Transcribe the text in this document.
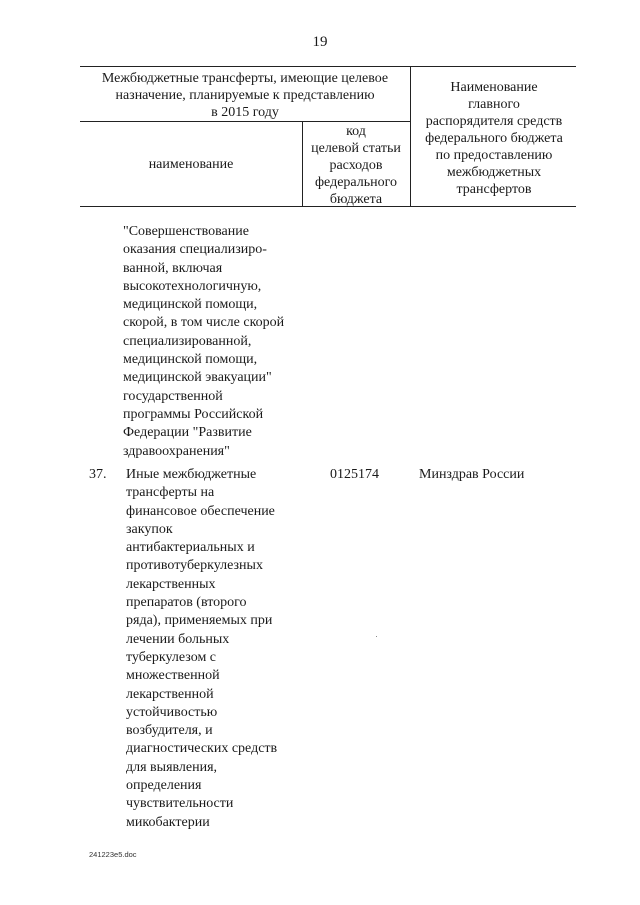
19
Межбюджетные трансферты, имеющие целевое
назначение, планируемые к представлению
в 2015 году
наименование
код
целевой статьи
расходов
федерального
бюджета
Наименование
главного
распорядителя средств
федерального бюджета
по предоставлению
межбюджетных
трансфертов
"Совершенствование
оказания специализиро-
ванной, включая
высокотехнологичную,
медицинской помощи,
скорой, в том числе скорой
специализированной,
медицинской помощи,
медицинской эвакуации"
государственной
программы Российской
Федерации "Развитие
здравоохранения"
37. Иные межбюджетные
трансферты на
финансовое обеспечение
закупок
антибактериальных и
противотуберкулезных
лекарственных
препаратов (второго
ряда), применяемых при
лечении больных
туберкулезом с
множественной
лекарственной
устойчивостью
возбудителя, и
диагностических средств
для выявления,
определения
чувствительности
микобактерии
0125174	Минздрав России
241223e5.doc
